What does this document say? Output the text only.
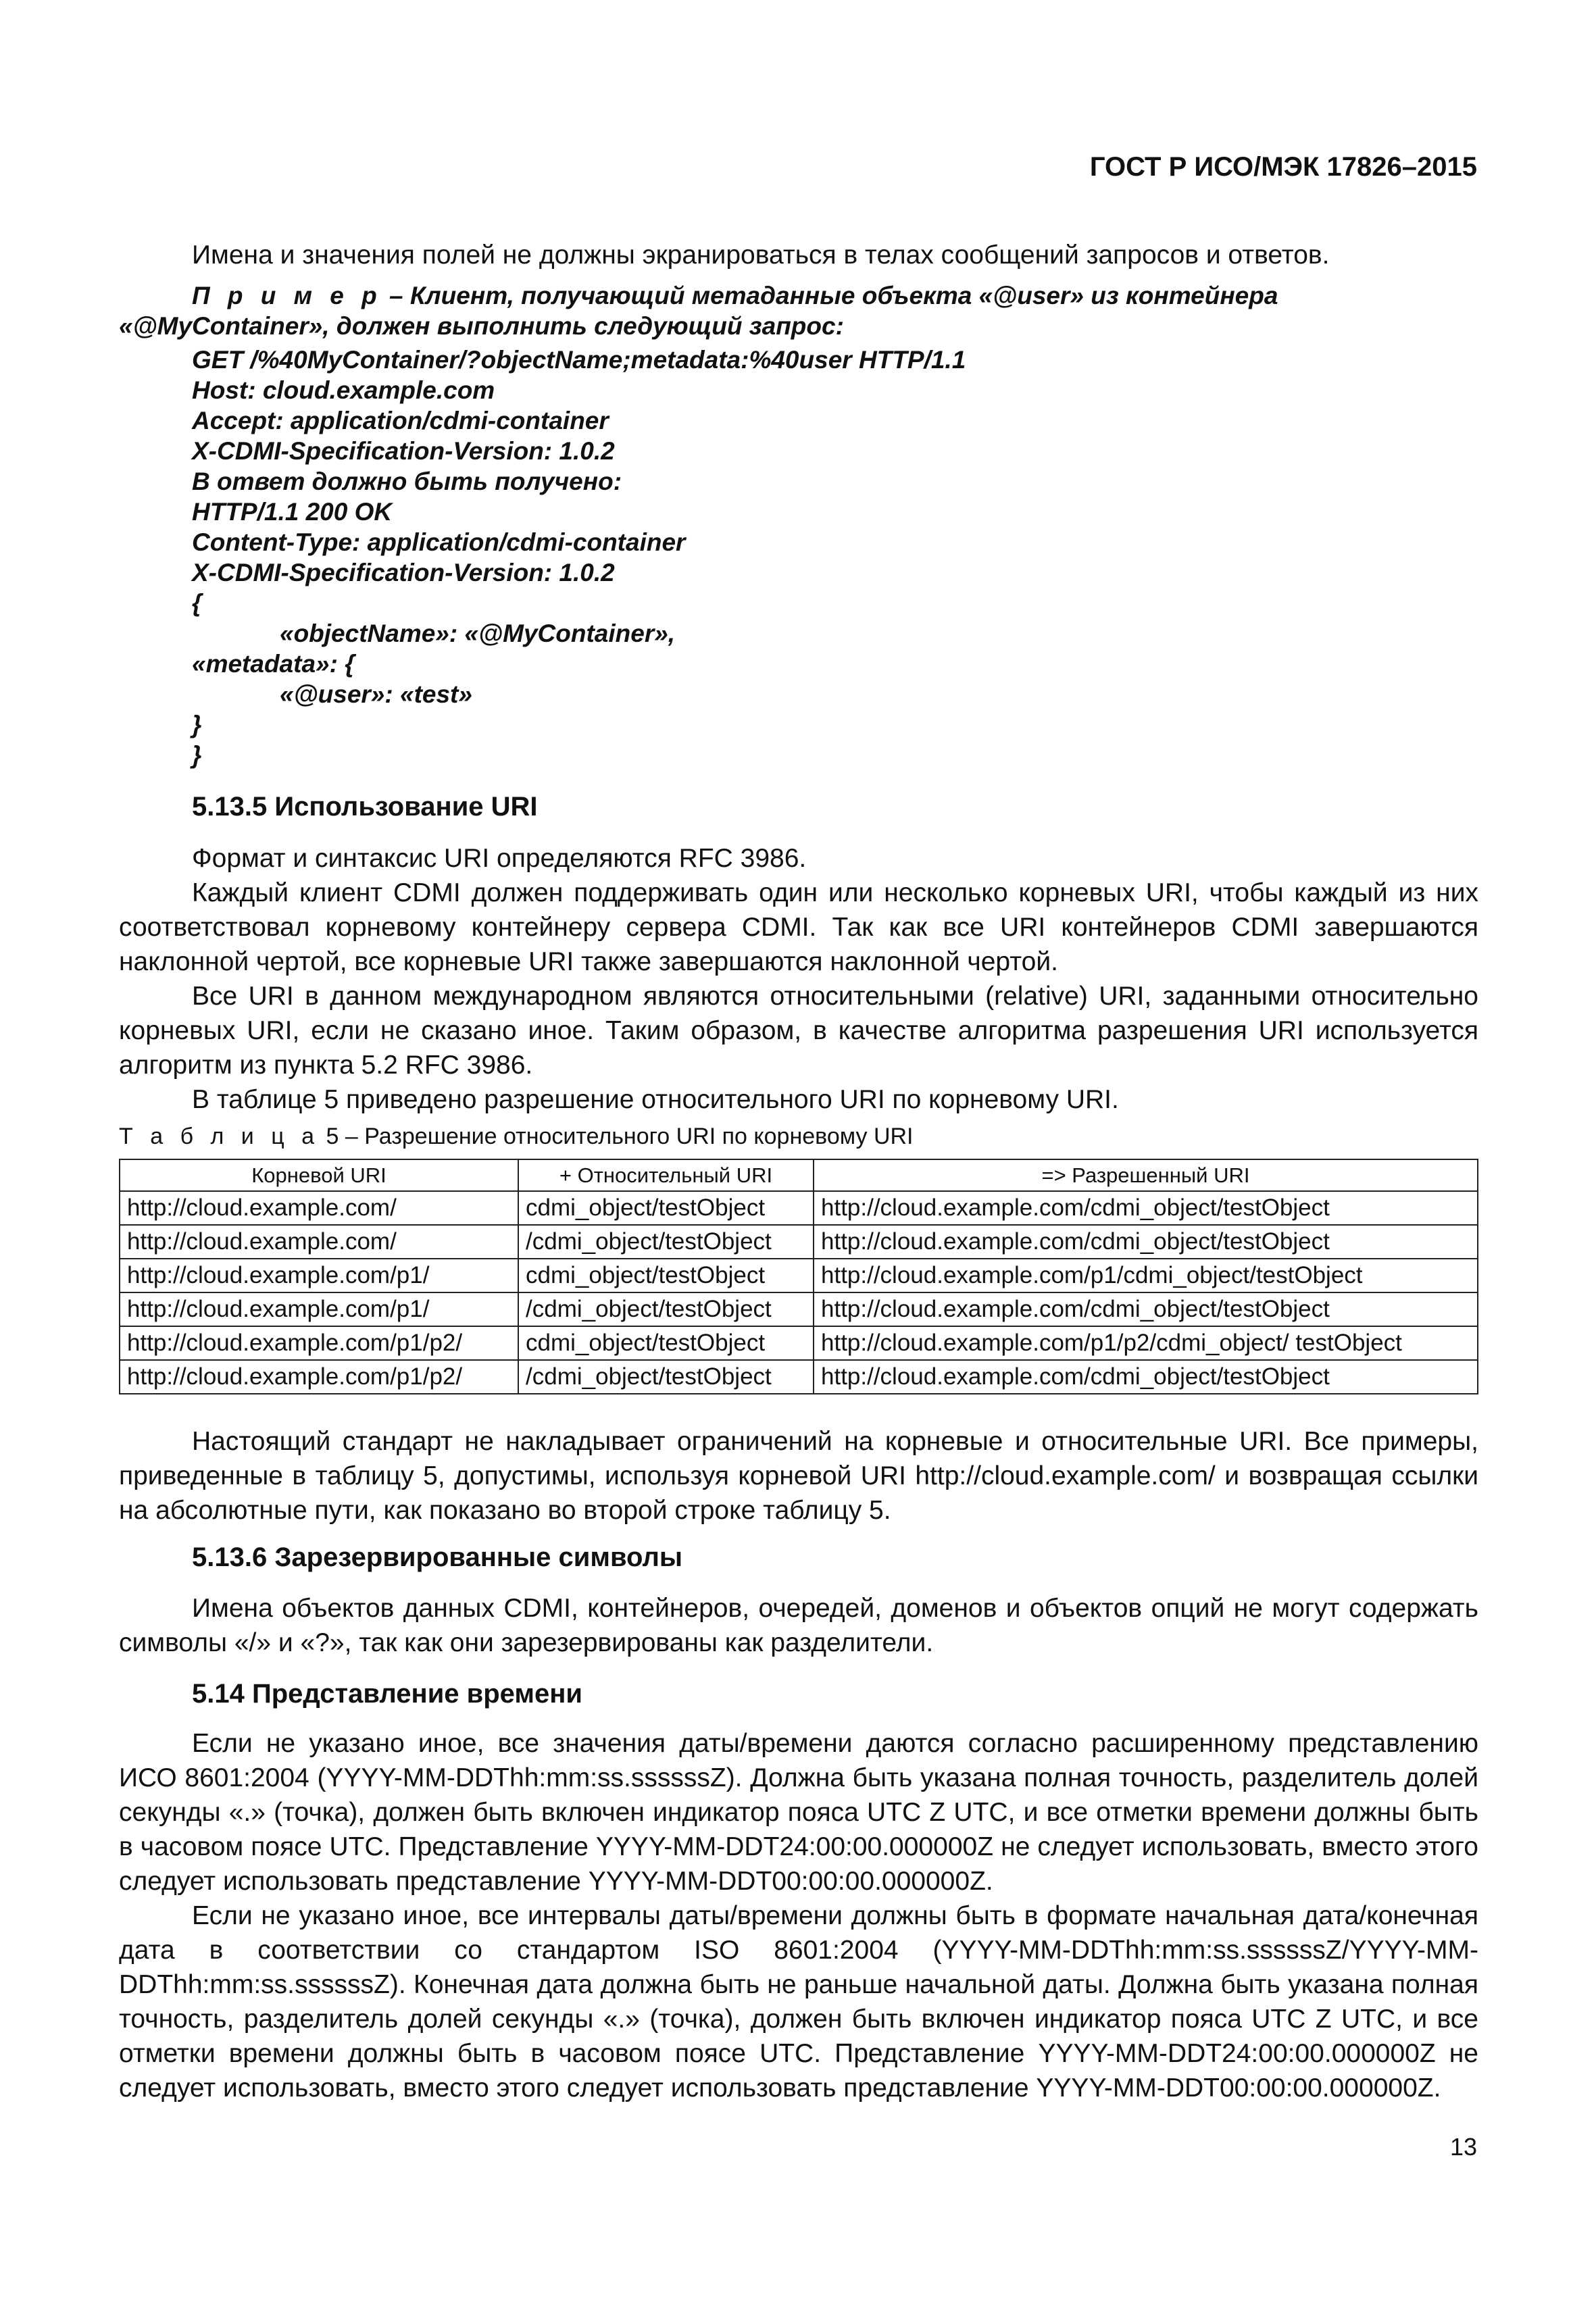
ГОСТ Р ИСО/МЭК 17826–2015

Имена и значения полей не должны экранироваться в телах сообщений запросов и ответов.

П р и м е р – Клиент, получающий метаданные объекта «@user» из контейнера «@MyContainer», должен выполнить следующий запрос:

GET /%40MyContainer/?objectName;metadata:%40user HTTP/1.1
Host: cloud.example.com
Accept: application/cdmi-container
X-CDMI-Specification-Version: 1.0.2
В ответ должно быть получено:
HTTP/1.1 200 OK
Content-Type: application/cdmi-container
X-CDMI-Specification-Version: 1.0.2
{
«objectName»: «@MyContainer»,
«metadata»: {
«@user»: «test»
}
}
5.13.5 Использование URI

Формат и синтаксис URI определяются RFC 3986.

Каждый клиент CDMI должен поддерживать один или несколько корневых URI, чтобы каждый из них соответствовал корневому контейнеру сервера CDMI. Так как все URI контейнеров CDMI завершаются наклонной чертой, все корневые URI также завершаются наклонной чертой.

Все URI в данном международном являются относительными (relative) URI, заданными относительно корневых URI, если не сказано иное. Таким образом, в качестве алгоритма разрешения URI используется алгоритм из пункта 5.2 RFC 3986.

В таблице 5 приведено разрешение относительного URI по корневому URI.

Т а б л и ц а 5 – Разрешение относительного URI по корневому URI
Корневой URI	+ Относительный URI	=> Разрешенный URI
http://cloud.example.com/	cdmi_object/testObject	http://cloud.example.com/cdmi_object/testObject
http://cloud.example.com/	/cdmi_object/testObject	http://cloud.example.com/cdmi_object/testObject
http://cloud.example.com/p1/	cdmi_object/testObject	http://cloud.example.com/p1/cdmi_object/testObject
http://cloud.example.com/p1/	/cdmi_object/testObject	http://cloud.example.com/cdmi_object/testObject
http://cloud.example.com/p1/p2/	cdmi_object/testObject	http://cloud.example.com/p1/p2/cdmi_object/ testObject
http://cloud.example.com/p1/p2/	/cdmi_object/testObject	http://cloud.example.com/cdmi_object/testObject

Настоящий стандарт не накладывает ограничений на корневые и относительные URI. Все примеры, приведенные в таблицу 5, допустимы, используя корневой URI http://cloud.example.com/ и возвращая ссылки на абсолютные пути, как показано во второй строке таблицу 5.

5.13.6 Зарезервированные символы

Имена объектов данных CDMI, контейнеров, очередей, доменов и объектов опций не могут содержать символы «/» и «?», так как они зарезервированы как разделители.

5.14 Представление времени

Если не указано иное, все значения даты/времени даются согласно расширенному представлению ИСО 8601:2004 (YYYY-MM-DDThh:mm:ss.ssssssZ). Должна быть указана полная точность, разделитель долей секунды «.» (точка), должен быть включен индикатор пояса UTC Z UTC, и все отметки времени должны быть в часовом поясе UTC. Представление YYYY-MM-DDT24:00:00.000000Z не следует использовать, вместо этого следует использовать представление YYYY-MM-DDT00:00:00.000000Z.

Если не указано иное, все интервалы даты/времени должны быть в формате начальная дата/конечная дата в соответствии со стандартом ISO 8601:2004 (YYYY-MM-DDThh:mm:ss.ssssssZ/YYYY-MM-DDThh:mm:ss.ssssssZ). Конечная дата должна быть не раньше начальной даты. Должна быть указана полная точность, разделитель долей секунды «.» (точка), должен быть включен индикатор пояса UTC Z UTC, и все отметки времени должны быть в часовом поясе UTC. Представление YYYY-MM-DDT24:00:00.000000Z не следует использовать, вместо этого следует использовать представление YYYY-MM-DDT00:00:00.000000Z.

13
